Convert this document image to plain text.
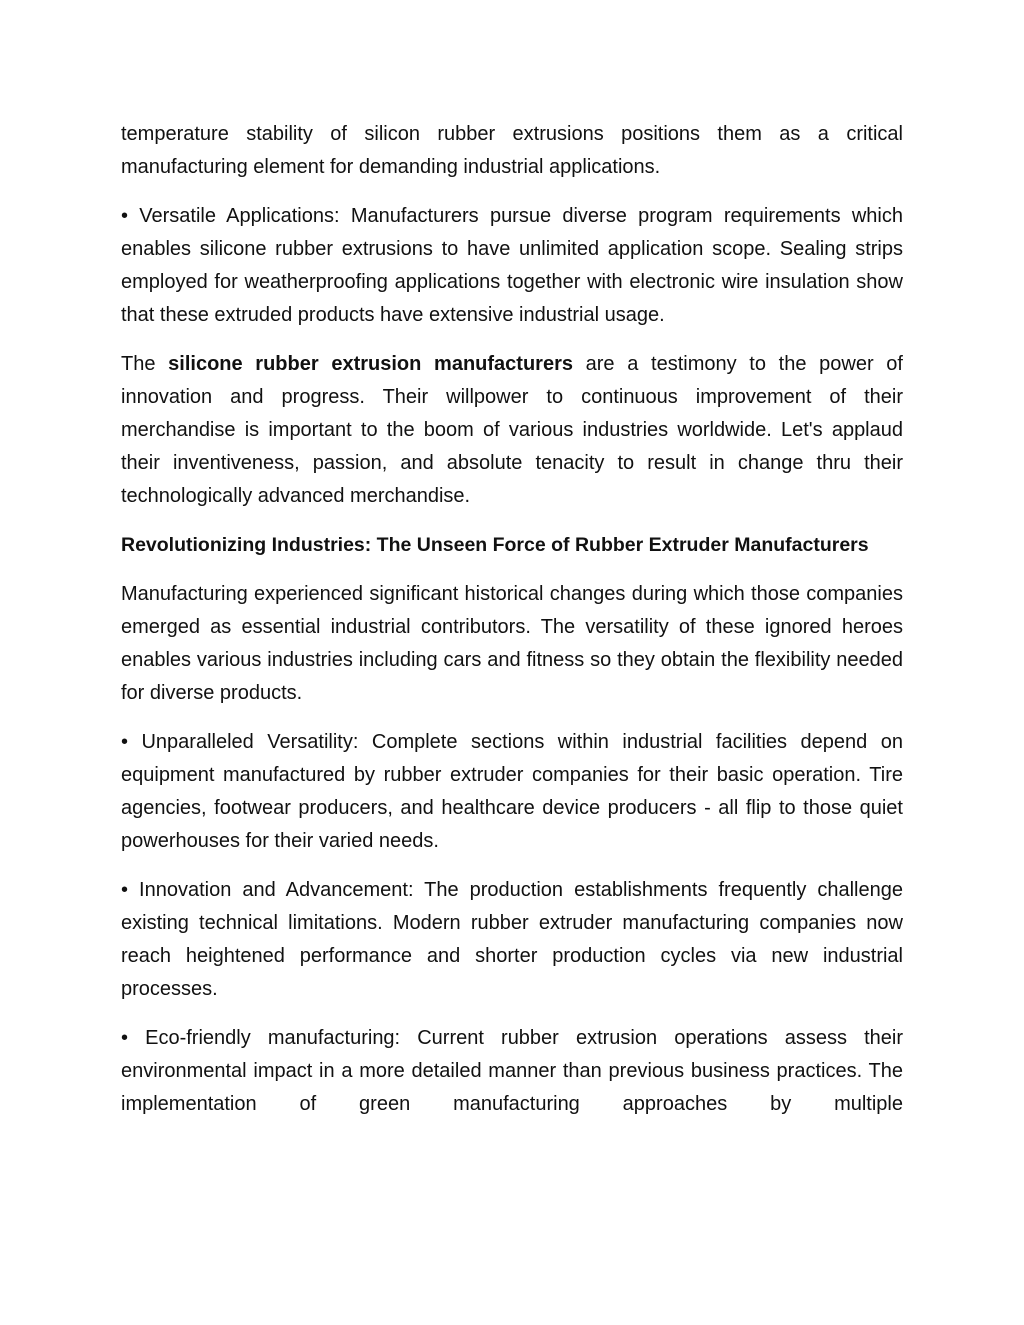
temperature stability of silicon rubber extrusions positions them as a critical manufacturing element for demanding industrial applications.

• Versatile Applications: Manufacturers pursue diverse program requirements which enables silicone rubber extrusions to have unlimited application scope. Sealing strips employed for weatherproofing applications together with electronic wire insulation show that these extruded products have extensive industrial usage.

The silicone rubber extrusion manufacturers are a testimony to the power of innovation and progress. Their willpower to continuous improvement of their merchandise is important to the boom of various industries worldwide. Let's applaud their inventiveness, passion, and absolute tenacity to result in change thru their technologically advanced merchandise.

Revolutionizing Industries: The Unseen Force of Rubber Extruder Manufacturers

Manufacturing experienced significant historical changes during which those companies emerged as essential industrial contributors. The versatility of these ignored heroes enables various industries including cars and fitness so they obtain the flexibility needed for diverse products.

• Unparalleled Versatility: Complete sections within industrial facilities depend on equipment manufactured by rubber extruder companies for their basic operation. Tire agencies, footwear producers, and healthcare device producers - all flip to those quiet powerhouses for their varied needs.

• Innovation and Advancement: The production establishments frequently challenge existing technical limitations. Modern rubber extruder manufacturing companies now reach heightened performance and shorter production cycles via new industrial processes.

• Eco-friendly manufacturing: Current rubber extrusion operations assess their environmental impact in a more detailed manner than previous business practices. The implementation of green manufacturing approaches by multiple
